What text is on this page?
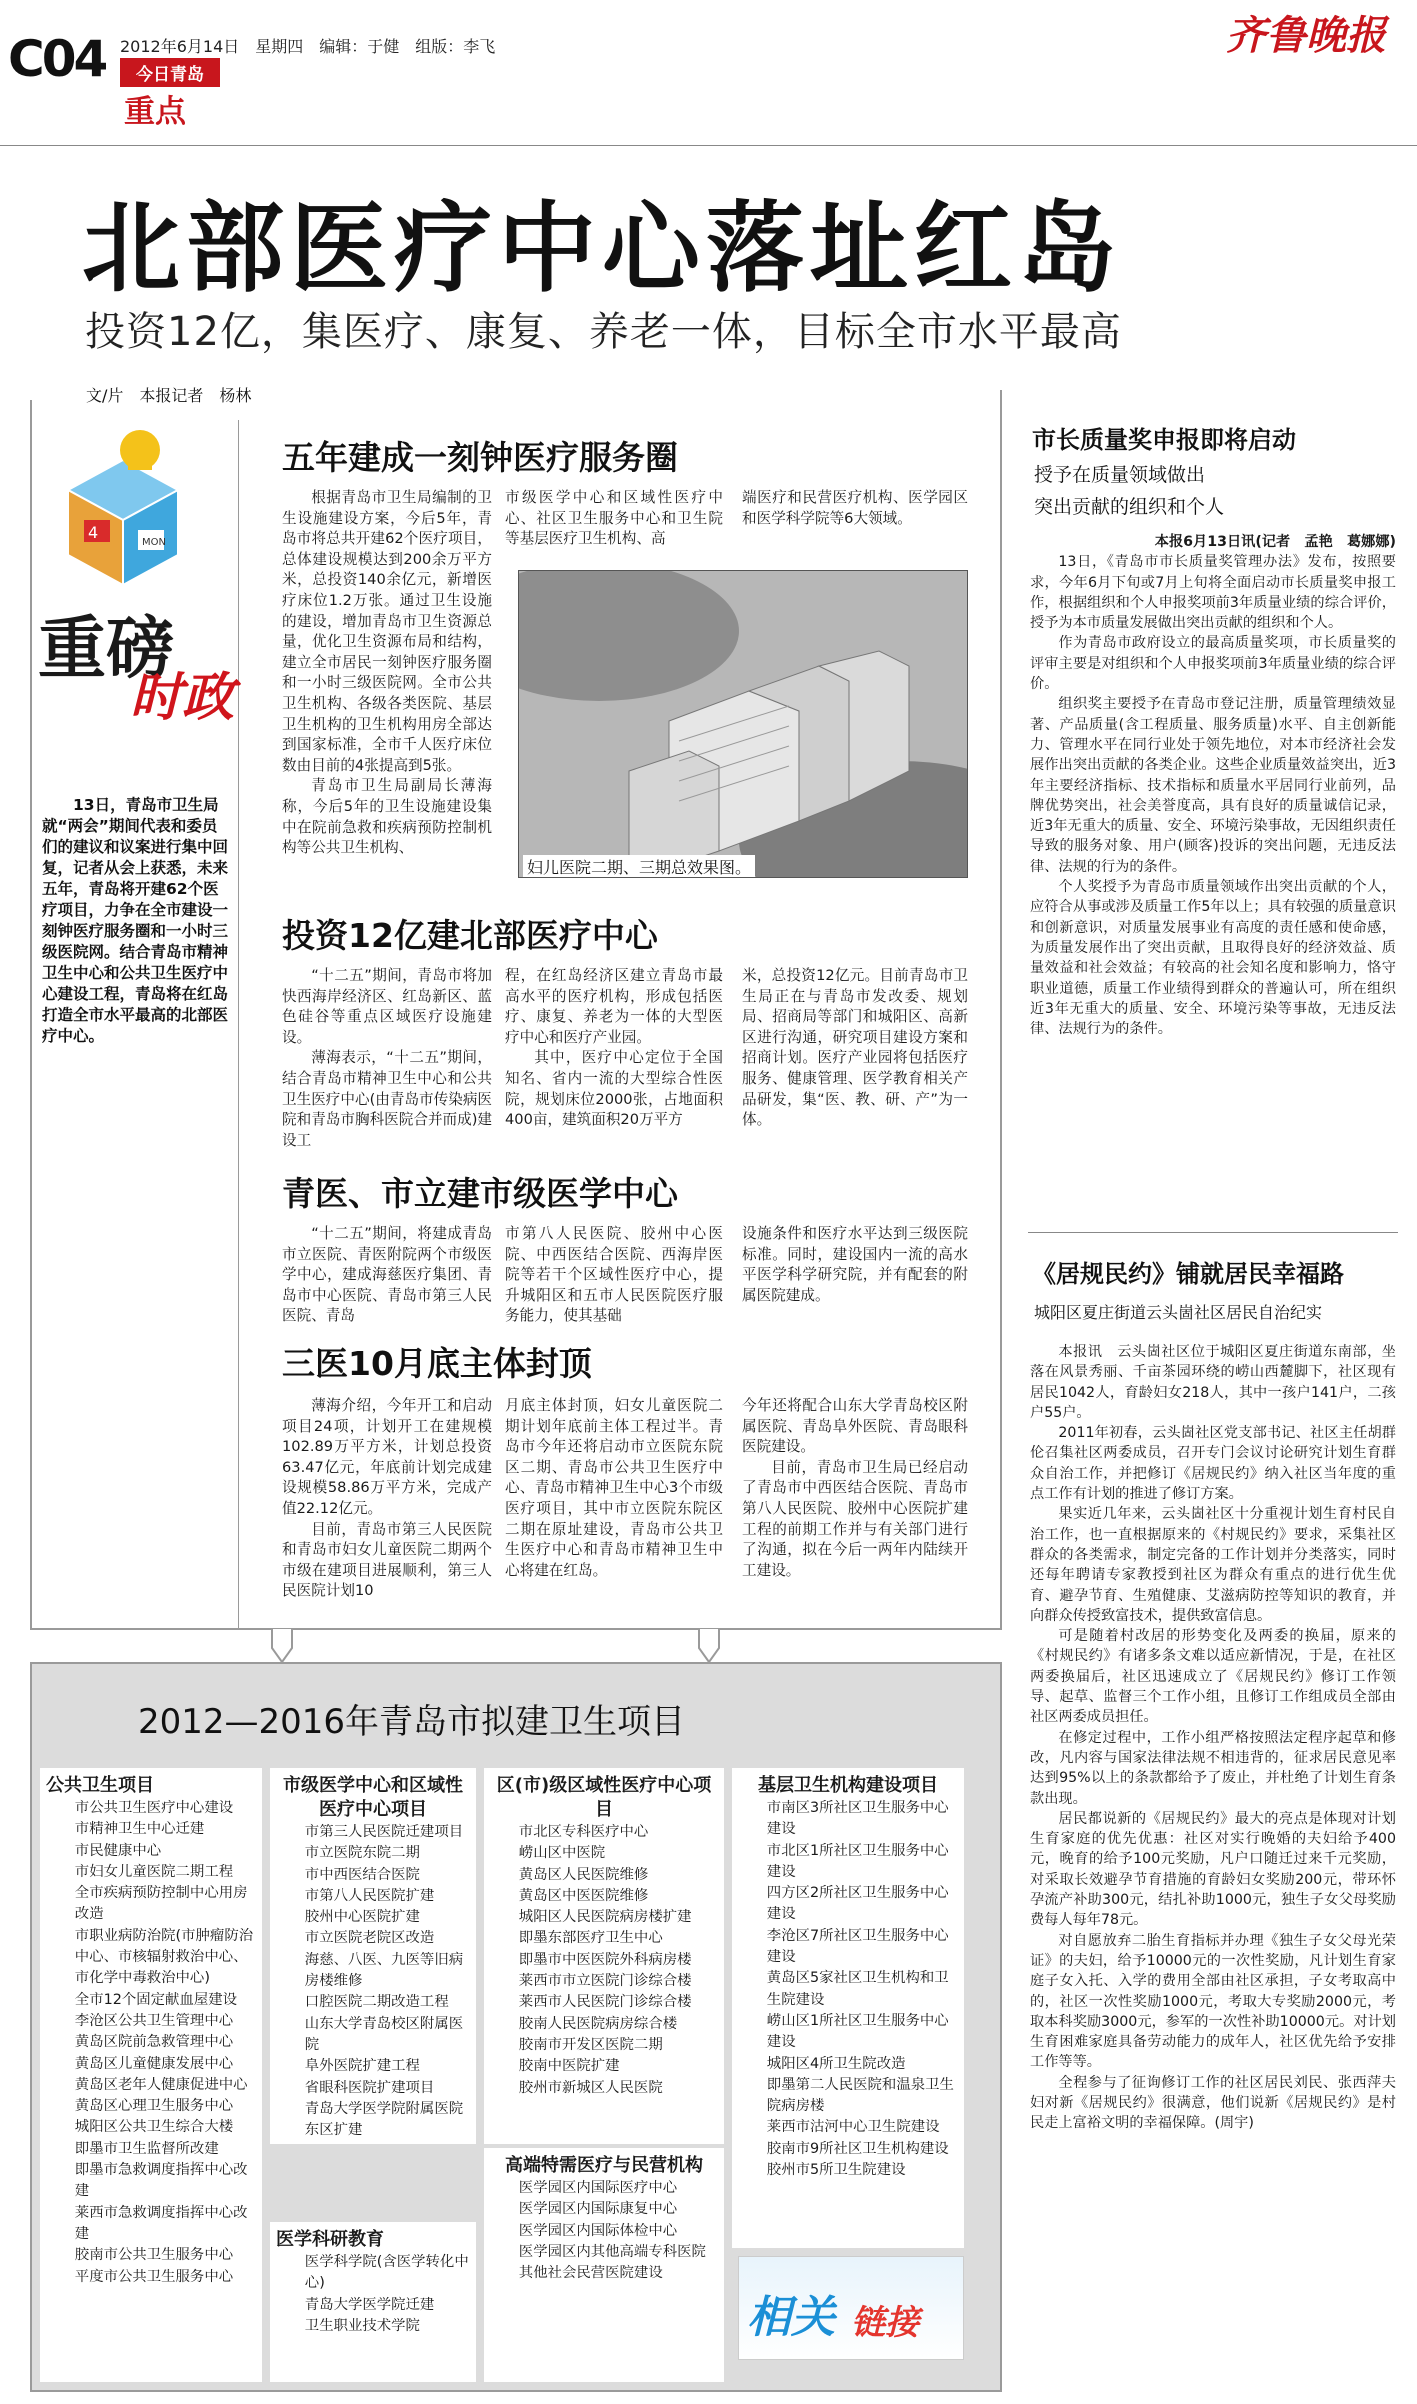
C04 2012年6月14日　星期四　编辑：于健　组版：李飞
今日青岛
重点
齐鲁晚报
北部医疗中心落址红岛
投资12亿，集医疗、康复、养老一体，目标全市水平最高
文/片　本报记者　杨林
4
MON
重磅
时政

13日，青岛市卫生局就“两会”期间代表和委员们的建议和议案进行集中回复，记者从会上获悉，未来五年，青岛将开建62个医疗项目，力争在全市建设一刻钟医疗服务圈和一小时三级医院网。结合青岛市精神卫生中心和公共卫生医疗中心建设工程，青岛将在红岛打造全市水平最高的北部医疗中心。

五年建成一刻钟医疗服务圈

根据青岛市卫生局编制的卫生设施建设方案，今后5年，青岛市将总共开建62个医疗项目，总体建设规模达到200余万平方米，总投资140余亿元，新增医疗床位1.2万张。通过卫生设施的建设，增加青岛市卫生资源总量，优化卫生资源布局和结构，建立全市居民一刻钟医疗服务圈和一小时三级医院网。全市公共卫生机构、各级各类医院、基层卫生机构的卫生机构用房全部达到国家标准，全市千人医疗床位数由目前的4张提高到5张。

青岛市卫生局副局长薄海称，今后5年的卫生设施建设集中在院前急救和疾病预防控制机构等公共卫生机构、

市级医学中心和区域性医疗中心、社区卫生服务中心和卫生院等基层医疗卫生机构、高

端医疗和民营医疗机构、医学园区和医学科学院等6大领域。

妇儿医院二期、三期总效果图。
投资12亿建北部医疗中心

“十二五”期间，青岛市将加快西海岸经济区、红岛新区、蓝色硅谷等重点区域医疗设施建设。

薄海表示，“十二五”期间，结合青岛市精神卫生中心和公共卫生医疗中心(由青岛市传染病医院和青岛市胸科医院合并而成)建设工

程，在红岛经济区建立青岛市最高水平的医疗机构，形成包括医疗、康复、养老为一体的大型医疗中心和医疗产业园。

其中，医疗中心定位于全国知名、省内一流的大型综合性医院，规划床位2000张，占地面积400亩，建筑面积20万平方

米，总投资12亿元。目前青岛市卫生局正在与青岛市发改委、规划局、招商局等部门和城阳区、高新区进行沟通，研究项目建设方案和招商计划。医疗产业园将包括医疗服务、健康管理、医学教育相关产品研发，集“医、教、研、产”为一体。

青医、市立建市级医学中心

“十二五”期间，将建成青岛市立医院、青医附院两个市级医学中心，建成海慈医疗集团、青岛市中心医院、青岛市第三人民医院、青岛

市第八人民医院、胶州中心医院、中西医结合医院、西海岸医院等若干个区域性医疗中心，提升城阳区和五市人民医院医疗服务能力，使其基础

设施条件和医疗水平达到三级医院标准。同时，建设国内一流的高水平医学科学研究院，并有配套的附属医院建成。

三医10月底主体封顶

薄海介绍，今年开工和启动项目24项，计划开工在建规模102.89万平方米，计划总投资63.47亿元，年底前计划完成建设规模58.86万平方米，完成产值22.12亿元。

目前，青岛市第三人民医院和青岛市妇女儿童医院二期两个市级在建项目进展顺利，第三人民医院计划10

月底主体封顶，妇女儿童医院二期计划年底前主体工程过半。青岛市今年还将启动市立医院东院区二期、青岛市公共卫生医疗中心、青岛市精神卫生中心3个市级医疗项目，其中市立医院东院区二期在原址建设，青岛市公共卫生医疗中心和青岛市精神卫生中心将建在红岛。

今年还将配合山东大学青岛校区附属医院、青岛阜外医院、青岛眼科医院建设。

目前，青岛市卫生局已经启动了青岛市中西医结合医院、青岛市第八人民医院、胶州中心医院扩建工程的前期工作并与有关部门进行了沟通，拟在今后一两年内陆续开工建设。

市长质量奖申报即将启动
授予在质量领域做出
突出贡献的组织和个人

本报6月13日讯(记者　孟艳　葛娜娜)

13日，《青岛市市长质量奖管理办法》发布，按照要求，今年6月下旬或7月上旬将全面启动市长质量奖申报工作，根据组织和个人申报奖项前3年质量业绩的综合评价，授予为本市质量发展做出突出贡献的组织和个人。

作为青岛市政府设立的最高质量奖项，市长质量奖的评审主要是对组织和个人申报奖项前3年质量业绩的综合评价。

组织奖主要授予在青岛市登记注册，质量管理绩效显著、产品质量(含工程质量、服务质量)水平、自主创新能力、管理水平在同行业处于领先地位，对本市经济社会发展作出突出贡献的各类企业。这些企业质量效益突出，近3年主要经济指标、技术指标和质量水平居同行业前列，品牌优势突出，社会美誉度高，具有良好的质量诚信记录，近3年无重大的质量、安全、环境污染事故，无因组织责任导致的服务对象、用户(顾客)投诉的突出问题，无违反法律、法规的行为的条件。

个人奖授予为青岛市质量领域作出突出贡献的个人，应符合从事或涉及质量工作5年以上；具有较强的质量意识和创新意识，对质量发展事业有高度的责任感和使命感，为质量发展作出了突出贡献，且取得良好的经济效益、质量效益和社会效益；有较高的社会知名度和影响力，恪守职业道德，质量工作业绩得到群众的普遍认可，所在组织近3年无重大的质量、安全、环境污染等事故，无违反法律、法规行为的条件。

《居规民约》铺就居民幸福路
城阳区夏庄街道云头崮社区居民自治纪实

本报讯　云头崮社区位于城阳区夏庄街道东南部，坐落在风景秀丽、千亩茶园环绕的崂山西麓脚下，社区现有居民1042人，育龄妇女218人，其中一孩户141户，二孩户55户。

2011年初春，云头崮社区党支部书记、社区主任胡群伦召集社区两委成员，召开专门会议讨论研究计划生育群众自治工作，并把修订《居规民约》纳入社区当年度的重点工作有计划的推进了修订方案。

果实近几年来，云头崮社区十分重视计划生育村民自治工作，也一直根据原来的《村规民约》要求，采集社区群众的各类需求，制定完备的工作计划并分类落实，同时还每年聘请专家教授到社区为群众有重点的进行优生优育、避孕节育、生殖健康、艾滋病防控等知识的教育，并向群众传授致富技术，提供致富信息。

可是随着村改居的形势变化及两委的换届，原来的《村规民约》有诸多条文难以适应新情况，于是，在社区两委换届后，社区迅速成立了《居规民约》修订工作领导、起草、监督三个工作小组，且修订工作组成员全部由社区两委成员担任。

在修定过程中，工作小组严格按照法定程序起草和修改，凡内容与国家法律法规不相违背的，征求居民意见率达到95%以上的条款都给予了废止，并杜绝了计划生育条款出现。

居民都说新的《居规民约》最大的亮点是体现对计划生育家庭的优先优惠：社区对实行晚婚的夫妇给予400元，晚育的给予100元奖励，凡户口随迁过来千元奖励，对采取长效避孕节育措施的育龄妇女奖励200元，带环怀孕流产补助300元，结扎补助1000元，独生子女父母奖励费每人每年78元。

对自愿放弃二胎生育指标并办理《独生子女父母光荣证》的夫妇，给予10000元的一次性奖励，凡计划生育家庭子女入托、入学的费用全部由社区承担，子女考取高中的，社区一次性奖励1000元，考取大专奖励2000元，考取本科奖励3000元，参军的一次性补助10000元。对计划生育困难家庭具备劳动能力的成年人，社区优先给予安排工作等等。

全程参与了征询修订工作的社区居民刘民、张西萍夫妇对新《居规民约》很满意，他们说新《居规民约》是村民走上富裕文明的幸福保障。(周宇)

2012—2016年青岛市拟建卫生项目
公共卫生项目
市公共卫生医疗中心建设
市精神卫生中心迁建
市民健康中心
市妇女儿童医院二期工程
全市疾病预防控制中心用房改造
市职业病防治院(市肿瘤防治中心、市核辐射救治中心、市化学中毒救治中心)
全市12个固定献血屋建设
李沧区公共卫生管理中心
黄岛区院前急救管理中心
黄岛区儿童健康发展中心
黄岛区老年人健康促进中心
黄岛区心理卫生服务中心
城阳区公共卫生综合大楼
即墨市卫生监督所改建
即墨市急救调度指挥中心改建
莱西市急救调度指挥中心改建
胶南市公共卫生服务中心
平度市公共卫生服务中心
市级医学中心和区域性医疗中心项目
市第三人民医院迁建项目
市立医院东院二期
市中西医结合医院
市第八人民医院扩建
胶州中心医院扩建
市立医院老院区改造
海慈、八医、九医等旧病房楼维修
口腔医院二期改造工程
山东大学青岛校区附属医院
阜外医院扩建工程
省眼科医院扩建项目
青岛大学医学院附属医院东区扩建
区(市)级区域性医疗中心项目
市北区专科医疗中心
崂山区中医院
黄岛区人民医院维修
黄岛区中医医院维修
城阳区人民医院病房楼扩建
即墨东部医疗卫生中心
即墨市中医医院外科病房楼
莱西市市立医院门诊综合楼
莱西市人民医院门诊综合楼
胶南人民医院病房综合楼
胶南市开发区医院二期
胶南中医院扩建
胶州市新城区人民医院
基层卫生机构建设项目
市南区3所社区卫生服务中心建设
市北区1所社区卫生服务中心建设
四方区2所社区卫生服务中心建设
李沧区7所社区卫生服务中心建设
黄岛区5家社区卫生机构和卫生院建设
崂山区1所社区卫生服务中心建设
城阳区4所卫生院改造
即墨第二人民医院和温泉卫生院病房楼
莱西市沽河中心卫生院建设
胶南市9所社区卫生机构建设
胶州市5所卫生院建设
医学科研教育
医学科学院(含医学转化中心)
青岛大学医学院迁建
卫生职业技术学院
高端特需医疗与民营机构
医学园区内国际医疗中心
医学园区内国际康复中心
医学园区内国际体检中心
医学园区内其他高端专科医院
其他社会民营医院建设
相关 链接
